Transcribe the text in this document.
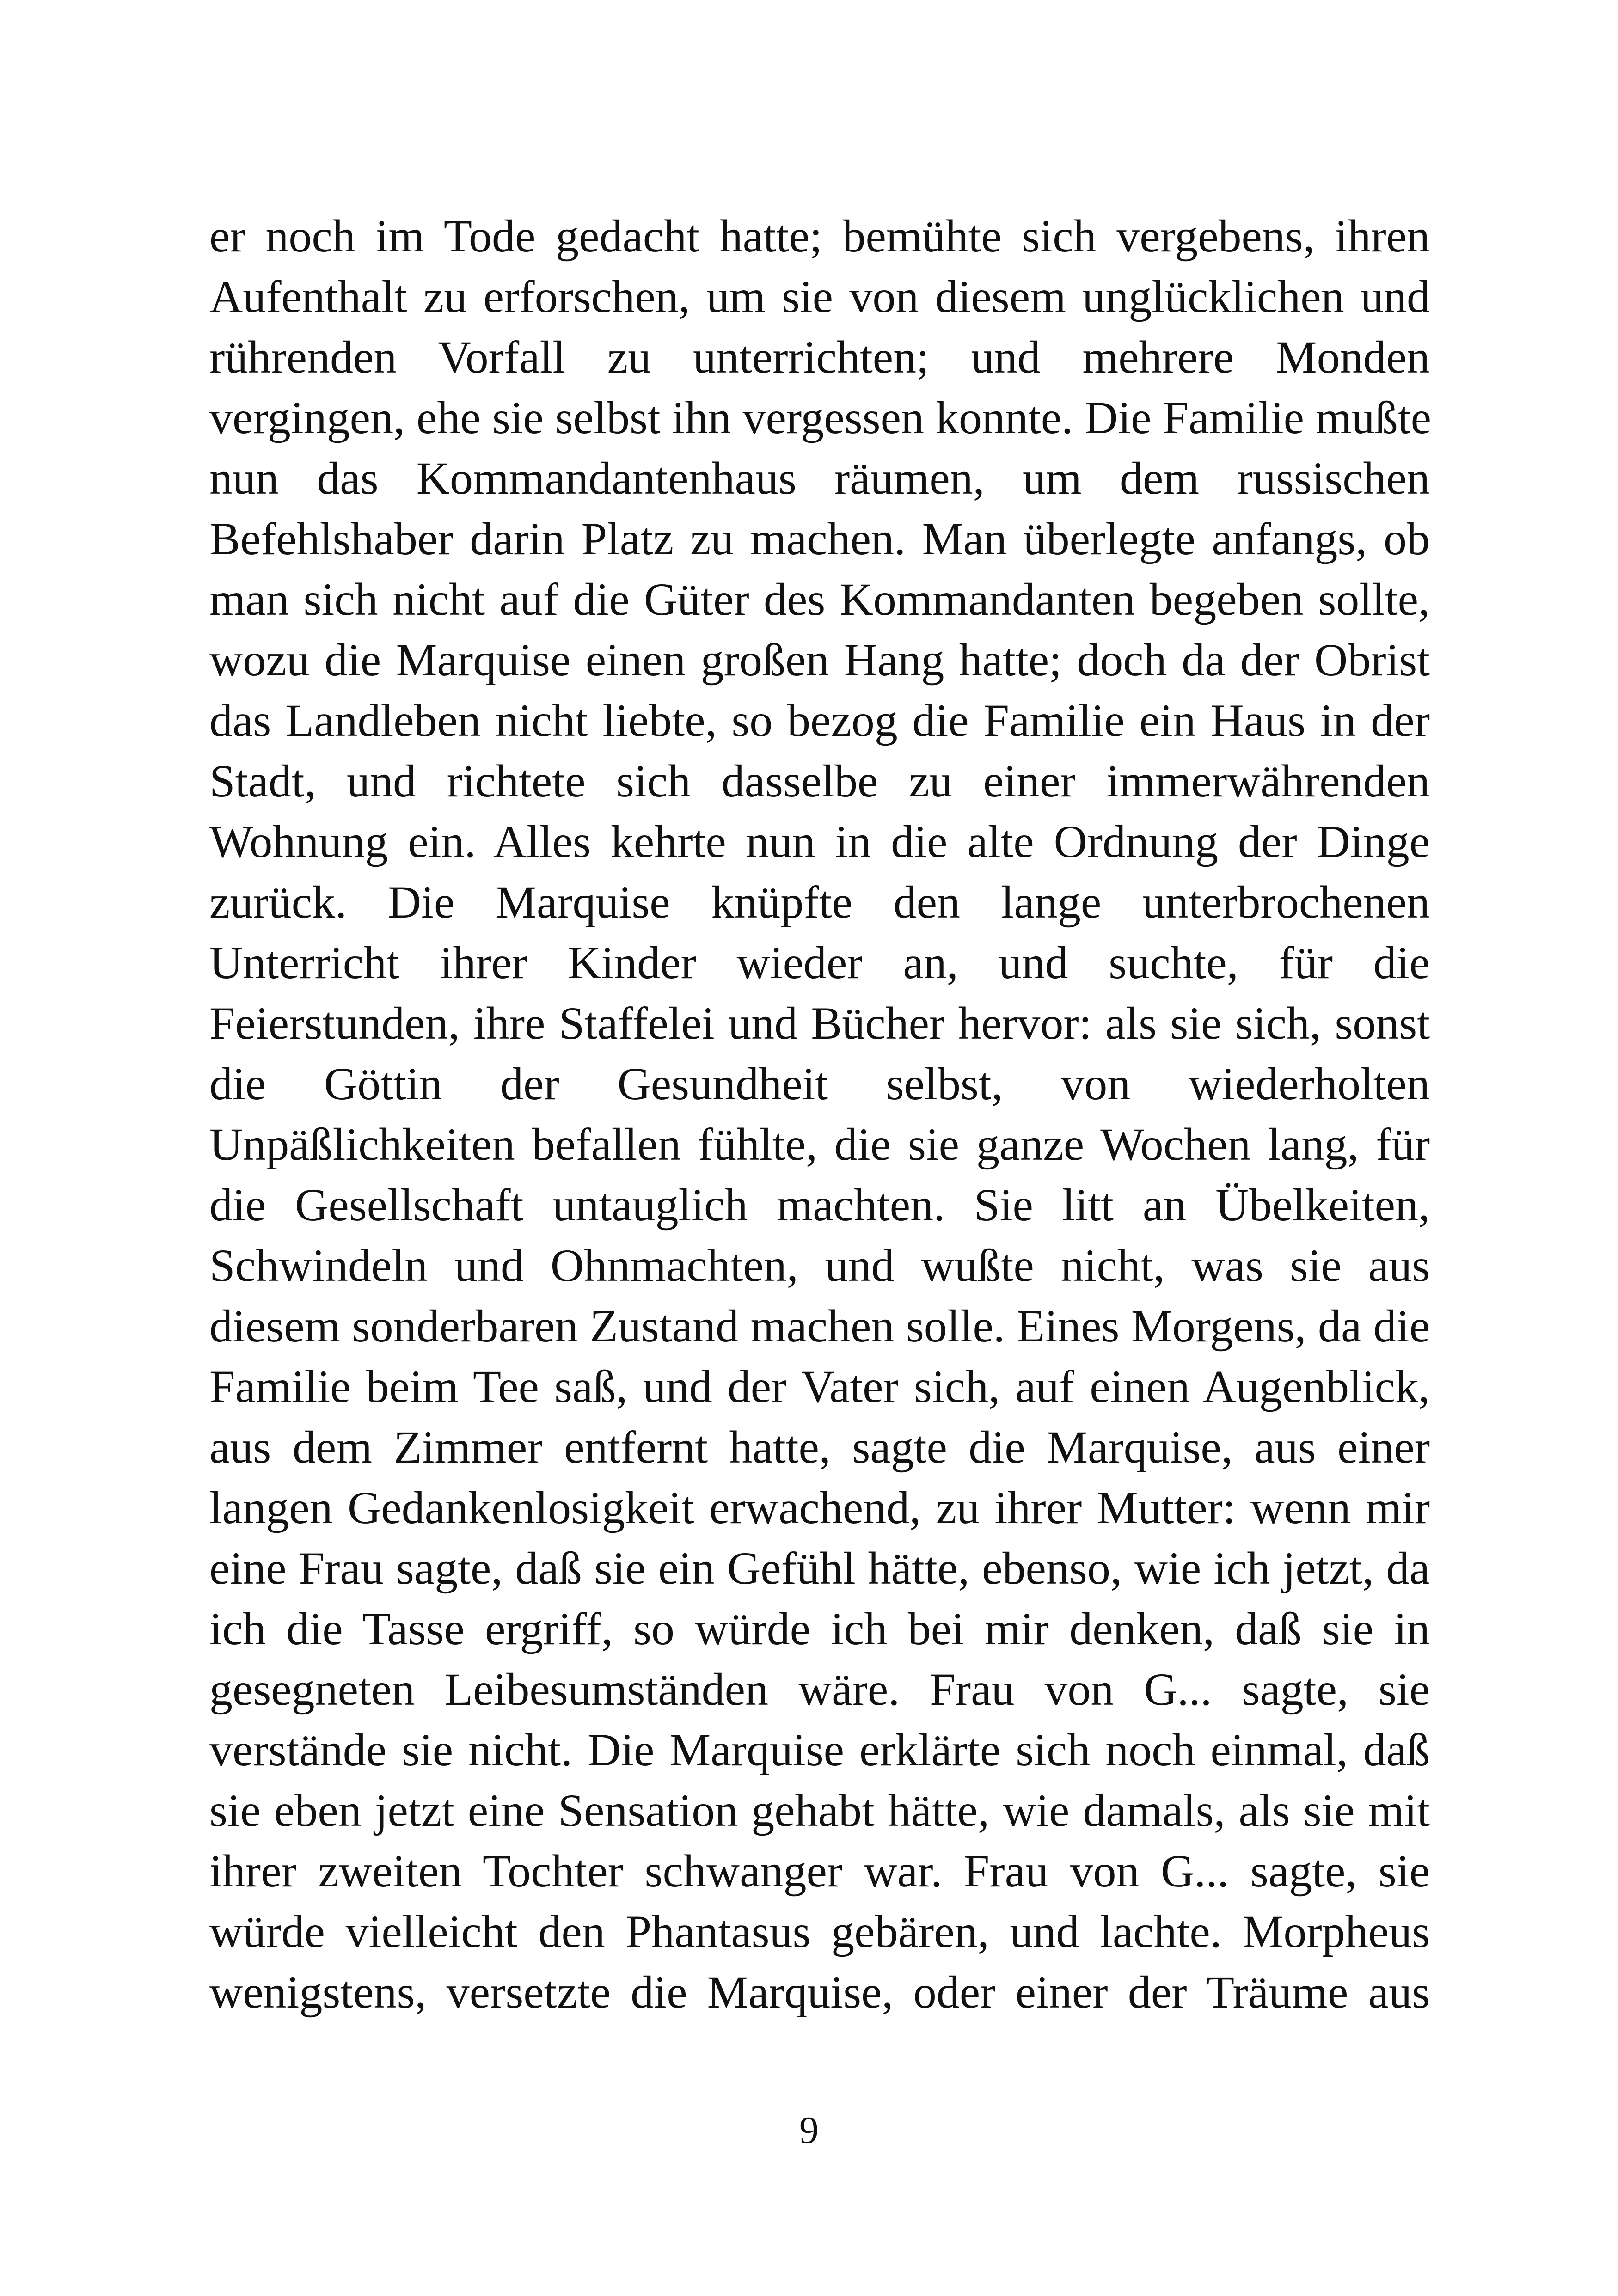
er noch im Tode gedacht hatte; bemühte sich vergebens, ihren
Aufenthalt zu erforschen, um sie von diesem unglücklichen und
rührenden Vorfall zu unterrichten; und mehrere Monden
vergingen, ehe sie selbst ihn vergessen konnte. Die Familie mußte
nun das Kommandantenhaus räumen, um dem russischen
Befehlshaber darin Platz zu machen. Man überlegte anfangs, ob
man sich nicht auf die Güter des Kommandanten begeben sollte,
wozu die Marquise einen großen Hang hatte; doch da der Obrist
das Landleben nicht liebte, so bezog die Familie ein Haus in der
Stadt, und richtete sich dasselbe zu einer immerwährenden
Wohnung ein. Alles kehrte nun in die alte Ordnung der Dinge
zurück. Die Marquise knüpfte den lange unterbrochenen
Unterricht ihrer Kinder wieder an, und suchte, für die
Feierstunden, ihre Staffelei und Bücher hervor: als sie sich, sonst
die Göttin der Gesundheit selbst, von wiederholten
Unpäßlichkeiten befallen fühlte, die sie ganze Wochen lang, für
die Gesellschaft untauglich machten. Sie litt an Übelkeiten,
Schwindeln und Ohnmachten, und wußte nicht, was sie aus
diesem sonderbaren Zustand machen solle. Eines Morgens, da die
Familie beim Tee saß, und der Vater sich, auf einen Augenblick,
aus dem Zimmer entfernt hatte, sagte die Marquise, aus einer
langen Gedankenlosigkeit erwachend, zu ihrer Mutter: wenn mir
eine Frau sagte, daß sie ein Gefühl hätte, ebenso, wie ich jetzt, da
ich die Tasse ergriff, so würde ich bei mir denken, daß sie in
gesegneten Leibesumständen wäre. Frau von G... sagte, sie
verstände sie nicht. Die Marquise erklärte sich noch einmal, daß
sie eben jetzt eine Sensation gehabt hätte, wie damals, als sie mit
ihrer zweiten Tochter schwanger war. Frau von G... sagte, sie
würde vielleicht den Phantasus gebären, und lachte. Morpheus
wenigstens, versetzte die Marquise, oder einer der Träume aus
9
